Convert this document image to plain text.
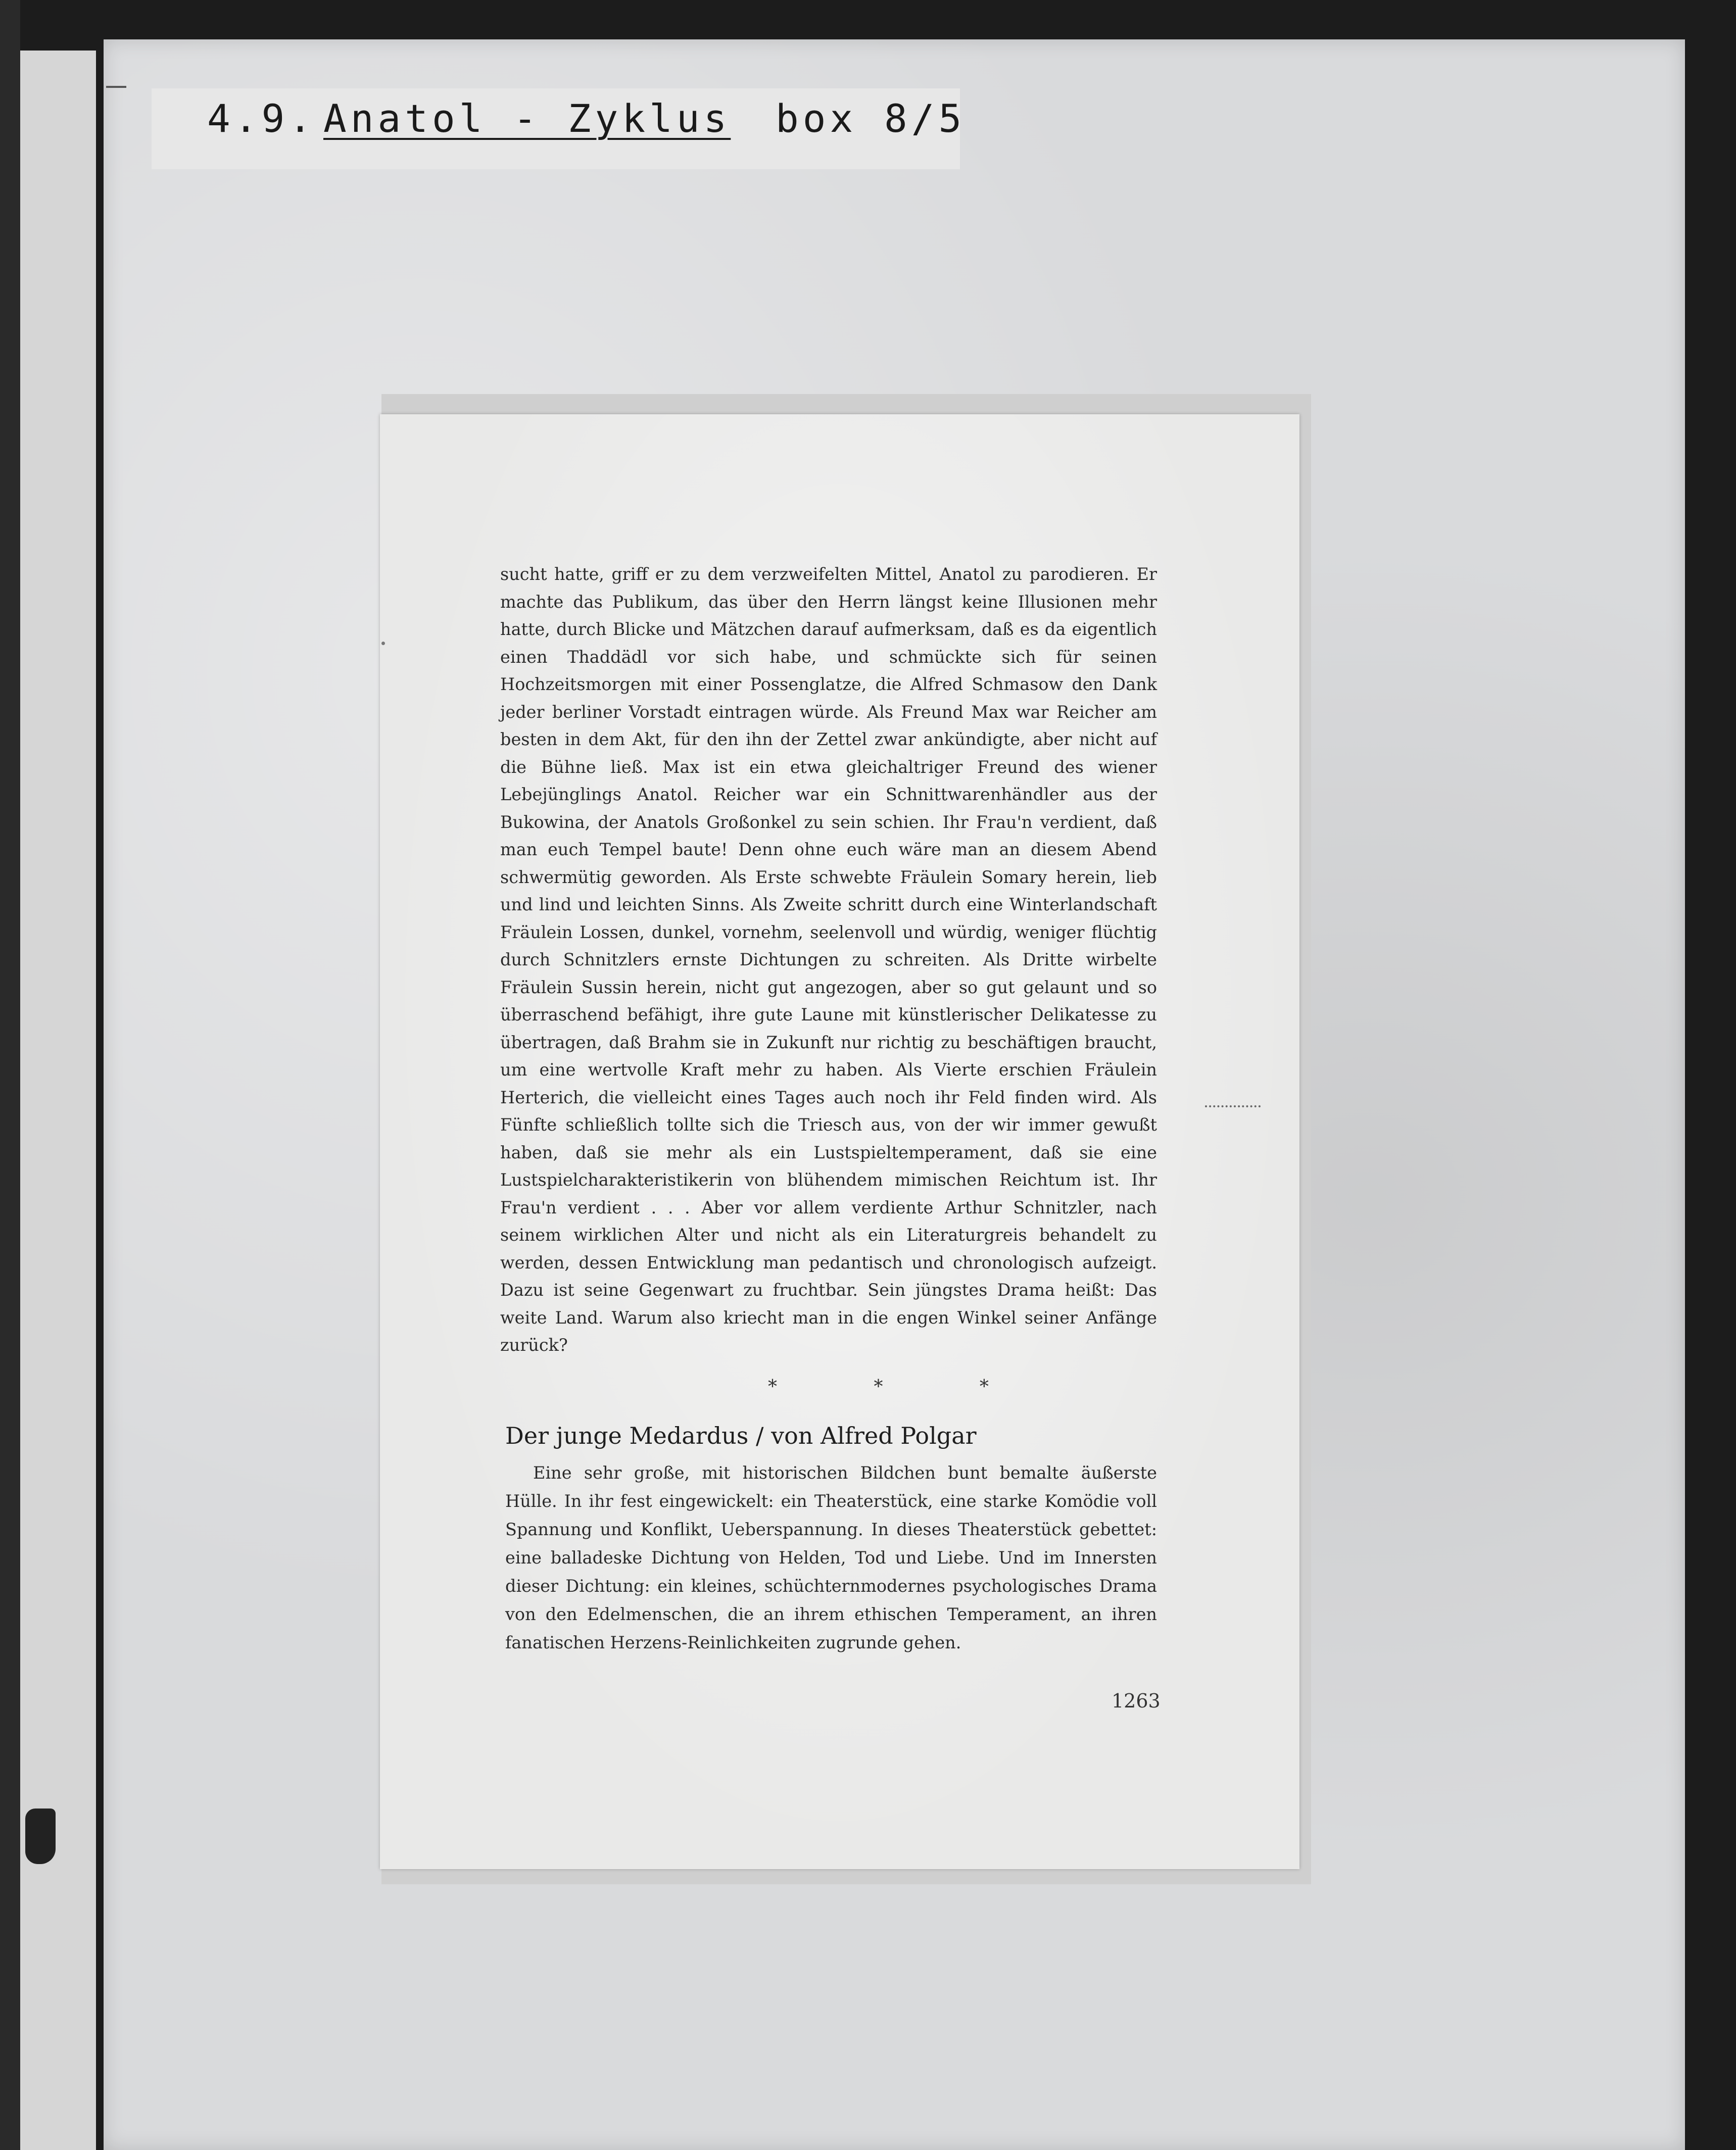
4.9. Anatol - Zyklus box 8/5

sucht hatte, griff er zu dem verzweifelten Mittel, Anatol zu parodieren. Er machte das Publikum, das über den Herrn längst keine Illusionen mehr hatte, durch Blicke und Mätzchen darauf aufmerksam, daß es da eigentlich einen Thaddädl vor sich habe, und schmückte sich für seinen Hochzeitsmorgen mit einer Possenglatze, die Alfred Schmasow den Dank jeder berliner Vorstadt eintragen würde. Als Freund Max war Reicher am besten in dem Akt, für den ihn der Zettel zwar ankündigte, aber nicht auf die Bühne ließ. Max ist ein etwa gleichaltriger Freund des wiener Lebejünglings Anatol. Reicher war ein Schnittwarenhändler aus der Bukowina, der Anatols Großonkel zu sein schien. Ihr Frau'n verdient, daß man euch Tempel baute! Denn ohne euch wäre man an diesem Abend schwermütig geworden. Als Erste schwebte Fräulein Somary herein, lieb und lind und leichten Sinns. Als Zweite schritt durch eine Winterlandschaft Fräulein Lossen, dunkel, vornehm, seelenvoll und würdig, weniger flüchtig durch Schnitzlers ernste Dichtungen zu schreiten. Als Dritte wirbelte Fräulein Sussin herein, nicht gut angezogen, aber so gut gelaunt und so überraschend befähigt, ihre gute Laune mit künstlerischer Delikatesse zu übertragen, daß Brahm sie in Zukunft nur richtig zu beschäftigen braucht, um eine wertvolle Kraft mehr zu haben. Als Vierte erschien Fräulein Herterich, die vielleicht eines Tages auch noch ihr Feld finden wird. Als Fünfte schließlich tollte sich die Triesch aus, von der wir immer gewußt haben, daß sie mehr als ein Lustspieltemperament, daß sie eine Lustspielcharakteristikerin von blühendem mimischen Reichtum ist. Ihr Frau'n verdient . . . Aber vor allem verdiente Arthur Schnitzler, nach seinem wirklichen Alter und nicht als ein Literaturgreis behandelt zu werden, dessen Entwicklung man pedantisch und chronologisch aufzeigt. Dazu ist seine Gegenwart zu fruchtbar. Sein jüngstes Drama heißt: Das weite Land. Warum also kriecht man in die engen Winkel seiner Anfänge zurück?

* * *
Der junge Medardus / von Alfred Polgar

Eine sehr große, mit historischen Bildchen bunt bemalte äußerste Hülle. In ihr fest eingewickelt: ein Theaterstück, eine starke Komödie voll Spannung und Konflikt, Ueberspannung. In dieses Theaterstück gebettet: eine balladeske Dichtung von Helden, Tod und Liebe. Und im Innersten dieser Dichtung: ein kleines, schüchternmodernes psychologisches Drama von den Edelmenschen, die an ihrem ethischen Temperament, an ihren fanatischen Herzens-Reinlichkeiten zugrunde gehen.

1263
